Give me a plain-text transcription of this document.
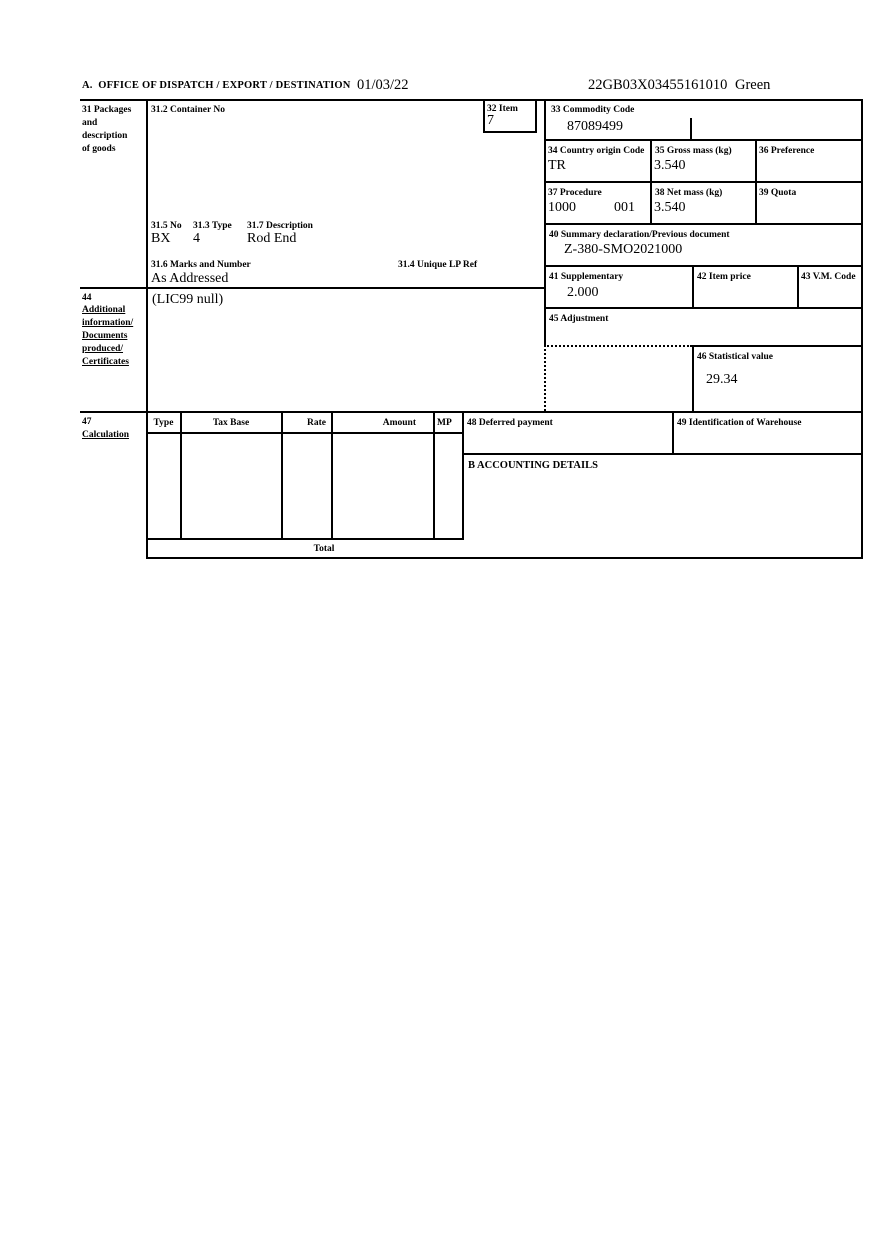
A.  OFFICE OF DISPATCH / EXPORT / DESTINATION 01/03/22	22GB03X03455161010 Green
31 Packages
and
description
of goods
31.2 Container No
31.5 No 31.3 Type 31.7 Description
BX 4	Rod End
31.6 Marks and Number	31.4 Unique LP Ref
As Addressed
32 Item
7
33 Commodity Code
87089499
34 Country origin Code
TR
35 Gross mass (kg)
3.540
36 Preference
37 Procedure
1000	001
38 Net mass (kg)
3.540
39 Quota
40 Summary declaration/Previous document
Z-380-SMO2021000
41 Supplementary
2.000
42 Item price	43 V.M. Code
44
Additional
information/
Documents
produced/
Certificates
(LIC99 null)
45 Adjustment
46 Statistical value
29.34
47
Calculation
Type	Tax Base	Rate	Amount MP
Total
48 Deferred payment	49 Identification of Warehouse
B ACCOUNTING DETAILS
